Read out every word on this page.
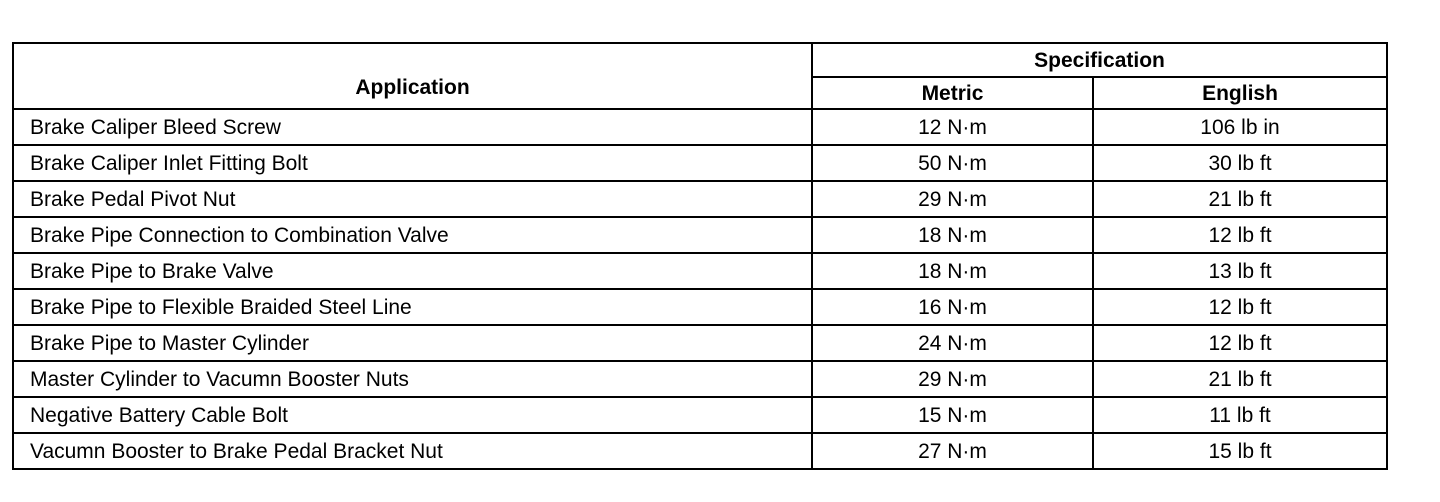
Application	Specification	
	Metric	English
Brake Caliper Bleed Screw	12 N·m	106 lb in
Brake Caliper Inlet Fitting Bolt	50 N·m	30 lb ft
Brake Pedal Pivot Nut	29 N·m	21 lb ft
Brake Pipe Connection to Combination Valve	18 N·m	12 lb ft
Brake Pipe to Brake Valve	18 N·m	13 lb ft
Brake Pipe to Flexible Braided Steel Line	16 N·m	12 lb ft
Brake Pipe to Master Cylinder	24 N·m	12 lb ft
Master Cylinder to Vacumn Booster Nuts	29 N·m	21 lb ft
Negative Battery Cable Bolt	15 N·m	11 lb ft
Vacumn Booster to Brake Pedal Bracket Nut	27 N·m	15 lb ft
